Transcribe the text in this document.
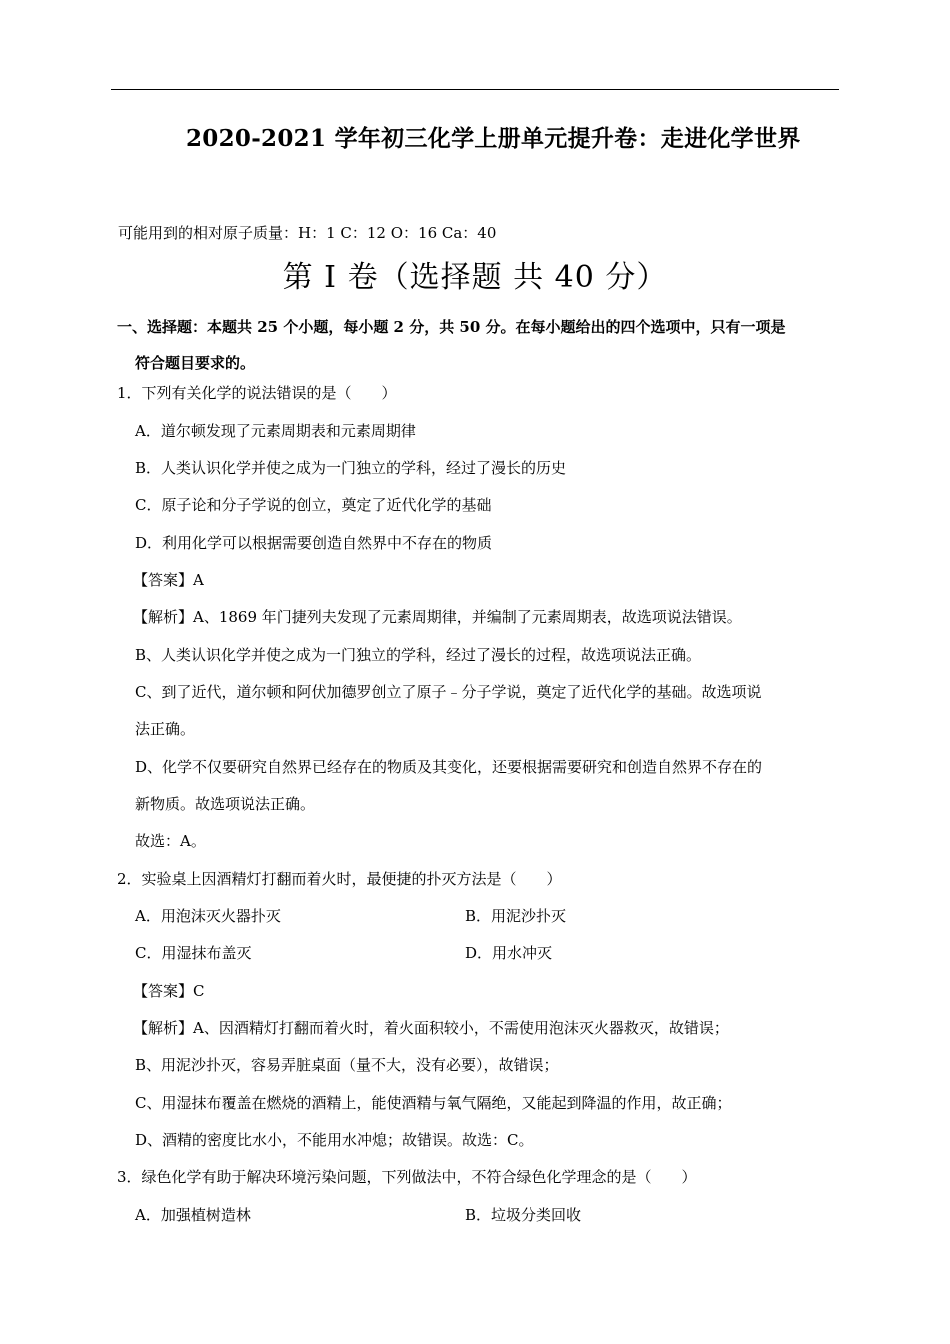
2020-2021 学年初三化学上册单元提升卷：走进化学世界
可能用到的相对原子质量：H：1 C：12 O：16 Ca：40
第 I 卷（选择题 共 40 分）
一、选择题：本题共 25 个小题，每小题 2 分，共 50 分。在每小题给出的四个选项中，只有一项是
符合题目要求的。
1．下列有关化学的说法错误的是（　　）
A．道尔顿发现了元素周期表和元素周期律
B．人类认识化学并使之成为一门独立的学科，经过了漫长的历史
C．原子论和分子学说的创立，奠定了近代化学的基础
D．利用化学可以根据需要创造自然界中不存在的物质
【答案】A
【解析】A、1869 年门捷列夫发现了元素周期律，并编制了元素周期表，故选项说法错误。
B、人类认识化学并使之成为一门独立的学科，经过了漫长的过程，故选项说法正确。
C、到了近代，道尔顿和阿伏加德罗创立了原子﹣分子学说，奠定了近代化学的基础。故选项说
法正确。
D、化学不仅要研究自然界已经存在的物质及其变化，还要根据需要研究和创造自然界不存在的
新物质。故选项说法正确。
故选：A。
2．实验桌上因酒精灯打翻而着火时，最便捷的扑灭方法是（　　）
A．用泡沫灭火器扑灭	B．用泥沙扑灭
C．用湿抹布盖灭	D．用水冲灭
【答案】C
【解析】A、因酒精灯打翻而着火时，着火面积较小，不需使用泡沫灭火器救灭，故错误；
B、用泥沙扑灭，容易弄脏桌面（量不大，没有必要），故错误；
C、用湿抹布覆盖在燃烧的酒精上，能使酒精与氧气隔绝，又能起到降温的作用，故正确；
D、酒精的密度比水小，不能用水冲熄；故错误。故选：C。
3．绿色化学有助于解决环境污染问题，下列做法中，不符合绿色化学理念的是（　　）
A．加强植树造林	B．垃圾分类回收
